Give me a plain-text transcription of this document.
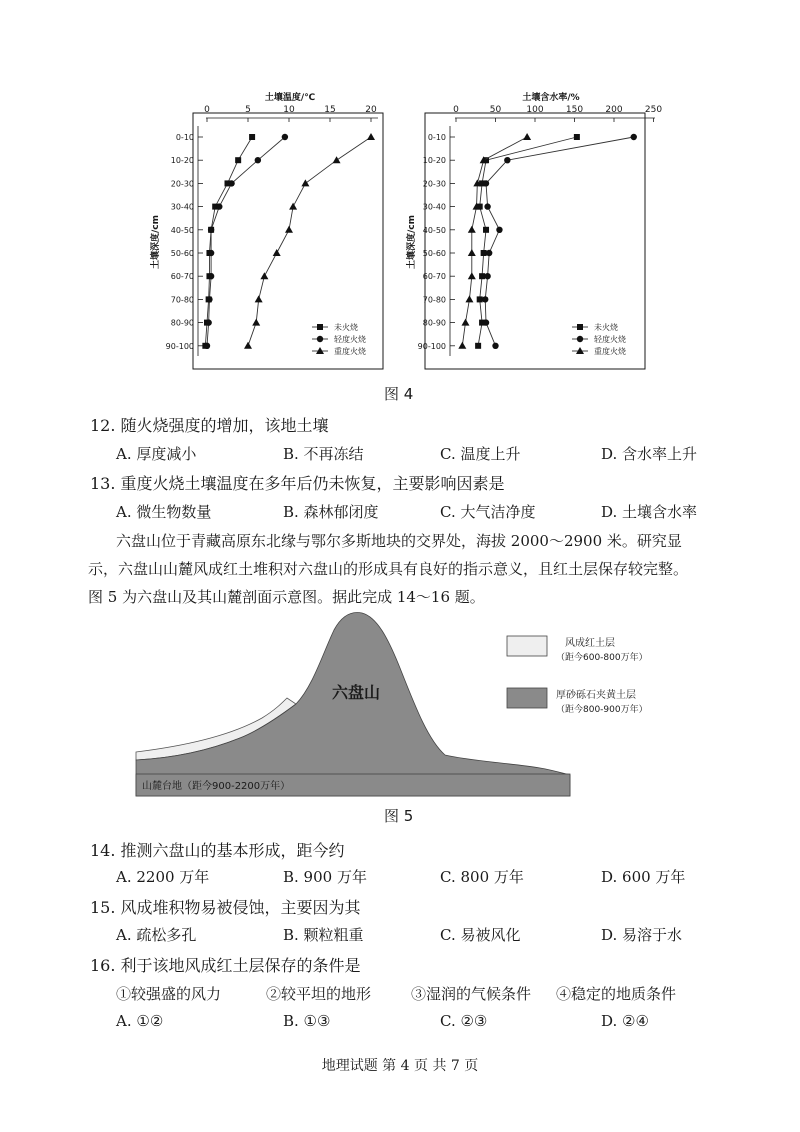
土壤温度/℃
0	5	10	15	20
0-10
10-20
20-30
30-40
40-50
50-60
60-70
70-80
80-90
90-100
土壤深度/cm
未火烧
轻度火烧
重度火烧
土壤含水率/%
0	50	100 150 200 250
0-10
10-20
20-30
30-40
40-50
50-60
60-70
70-80
80-90
90-100
土壤深度/cm
未火烧
轻度火烧
重度火烧
图 4
12. 随火烧强度的增加，该地土壤
A. 厚度减小	B. 不再冻结	C. 温度上升	D. 含水率上升
13. 重度火烧土壤温度在多年后仍未恢复，主要影响因素是
A. 微生物数量	B. 森林郁闭度	C. 大气洁净度	D. 土壤含水率
六盘山位于青藏高原东北缘与鄂尔多斯地块的交界处，海拔 2000～2900 米。研究显
示，六盘山山麓风成红土堆积对六盘山的形成具有良好的指示意义，且红土层保存较完整。
图 5 为六盘山及其山麓剖面示意图。据此完成 14～16 题。
六盘山
山麓台地（距今900-2200万年）
风成红土层
（距今600-800万年）
厚砂砾石夹黄土层
（距今800-900万年）
图 5
14. 推测六盘山的基本形成，距今约
A. 2200 万年	B. 900 万年	C. 800 万年	D. 600 万年
15. 风成堆积物易被侵蚀，主要因为其
A. 疏松多孔	B. 颗粒粗重	C. 易被风化	D. 易溶于水
16. 利于该地风成红土层保存的条件是
①较强盛的风力	②较平坦的地形	③湿润的气候条件 ④稳定的地质条件
A. ①②	B. ①③	C. ②③	D. ②④
地理试题 第 4 页 共 7 页
